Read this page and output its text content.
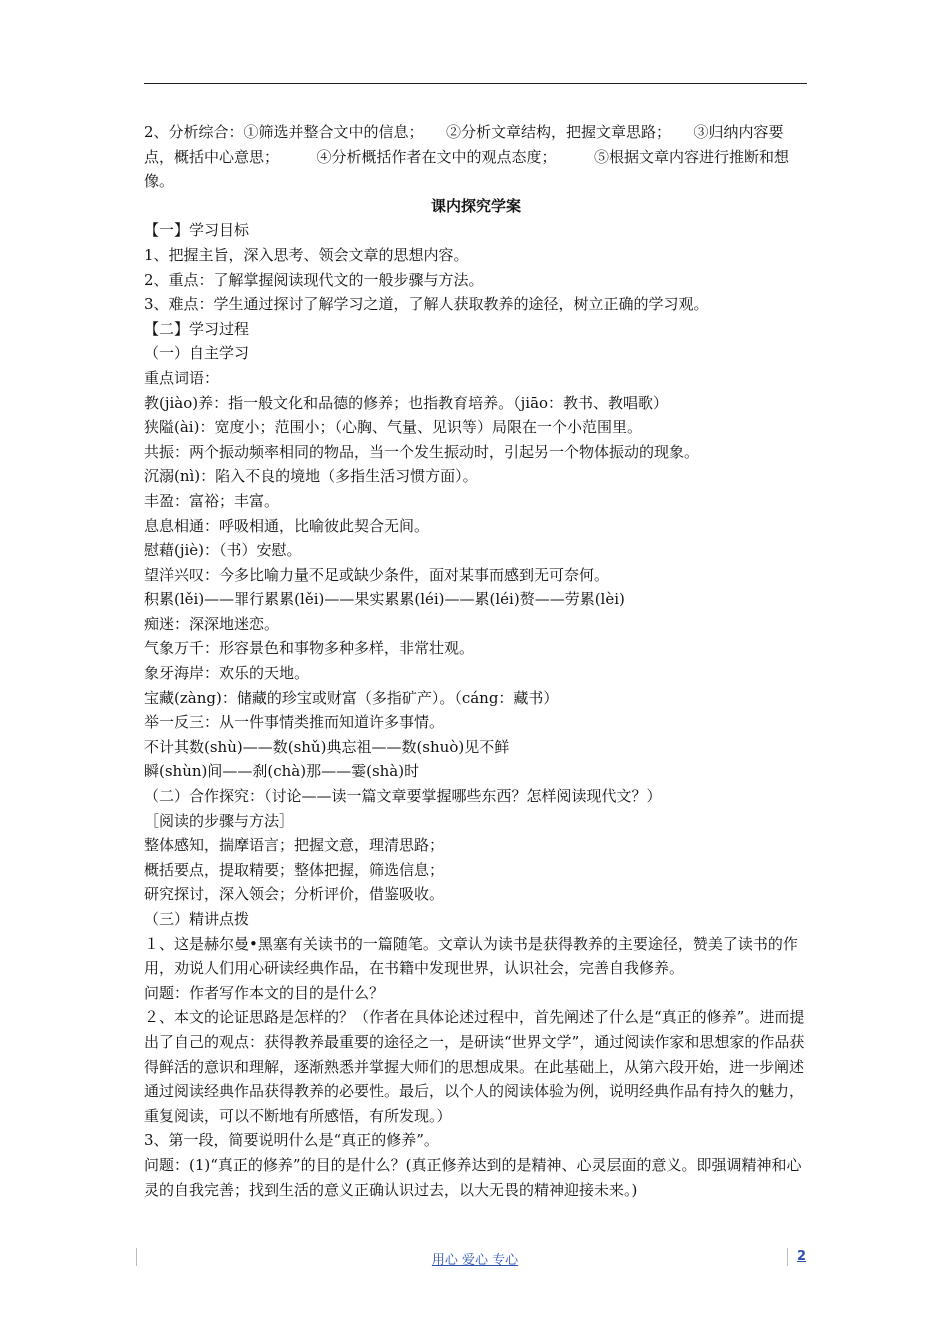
2、分析综合：①筛选并整合文中的信息；　　②分析文章结构，把握文章思路；　　③归纳内容要点，概括中心意思；　　　④分析概括作者在文中的观点态度；　　　⑤根据文章内容进行推断和想像。

课内探究学案

【一】学习目标

1、把握主旨，深入思考、领会文章的思想内容。

2、重点：了解掌握阅读现代文的一般步骤与方法。

3、难点：学生通过探讨了解学习之道，了解人获取教养的途径，树立正确的学习观。

【二】学习过程

（一）自主学习

重点词语：

教(jiào)养：指一般文化和品德的修养；也指教育培养。（jiāo：教书、教唱歌）

狭隘(ài)：宽度小；范围小；（心胸、气量、见识等）局限在一个小范围里。

共振：两个振动频率相同的物品，当一个发生振动时，引起另一个物体振动的现象。

沉溺(nì)：陷入不良的境地（多指生活习惯方面）。

丰盈：富裕；丰富。

息息相通：呼吸相通，比喻彼此契合无间。

慰藉(jiè)：（书）安慰。

望洋兴叹：今多比喻力量不足或缺少条件，面对某事而感到无可奈何。

积累(lěi)——罪行累累(lěi)——果实累累(léi)——累(léi)赘——劳累(lèi)

痴迷：深深地迷恋。

气象万千：形容景色和事物多种多样，非常壮观。

象牙海岸：欢乐的天地。

宝藏(zàng)：储藏的珍宝或财富（多指矿产）。（cáng：藏书）

举一反三：从一件事情类推而知道许多事情。

不计其数(shù)——数(shǔ)典忘祖——数(shuò)见不鲜

瞬(shùn)间——刹(chà)那——霎(shà)时

（二）合作探究：（讨论——读一篇文章要掌握哪些东西？怎样阅读现代文？）

［阅读的步骤与方法］

整体感知，揣摩语言；把握文意，理清思路；

概括要点，提取精要；整体把握，筛选信息；

研究探讨，深入领会；分析评价，借鉴吸收。

（三）精讲点拨

１、这是赫尔曼•黑塞有关读书的一篇随笔。文章认为读书是获得教养的主要途径，赞美了读书的作用，劝说人们用心研读经典作品，在书籍中发现世界，认识社会，完善自我修养。

问题：作者写作本文的目的是什么？

２、本文的论证思路是怎样的？（作者在具体论述过程中，首先阐述了什么是“真正的修养”。进而提出了自己的观点：获得教养最重要的途径之一，是研读“世界文学”，通过阅读作家和思想家的作品获得鲜活的意识和理解，逐渐熟悉并掌握大师们的思想成果。在此基础上，从第六段开始，进一步阐述通过阅读经典作品获得教养的必要性。最后，以个人的阅读体验为例，说明经典作品有持久的魅力，重复阅读，可以不断地有所感悟，有所发现。）

3、第一段，简要说明什么是“真正的修养”。

问题：(1)“真正的修养”的目的是什么？(真正修养达到的是精神、心灵层面的意义。即强调精神和心灵的自我完善；找到生活的意义正确认识过去，以大无畏的精神迎接未来。)

用心 爱心 专心	2
